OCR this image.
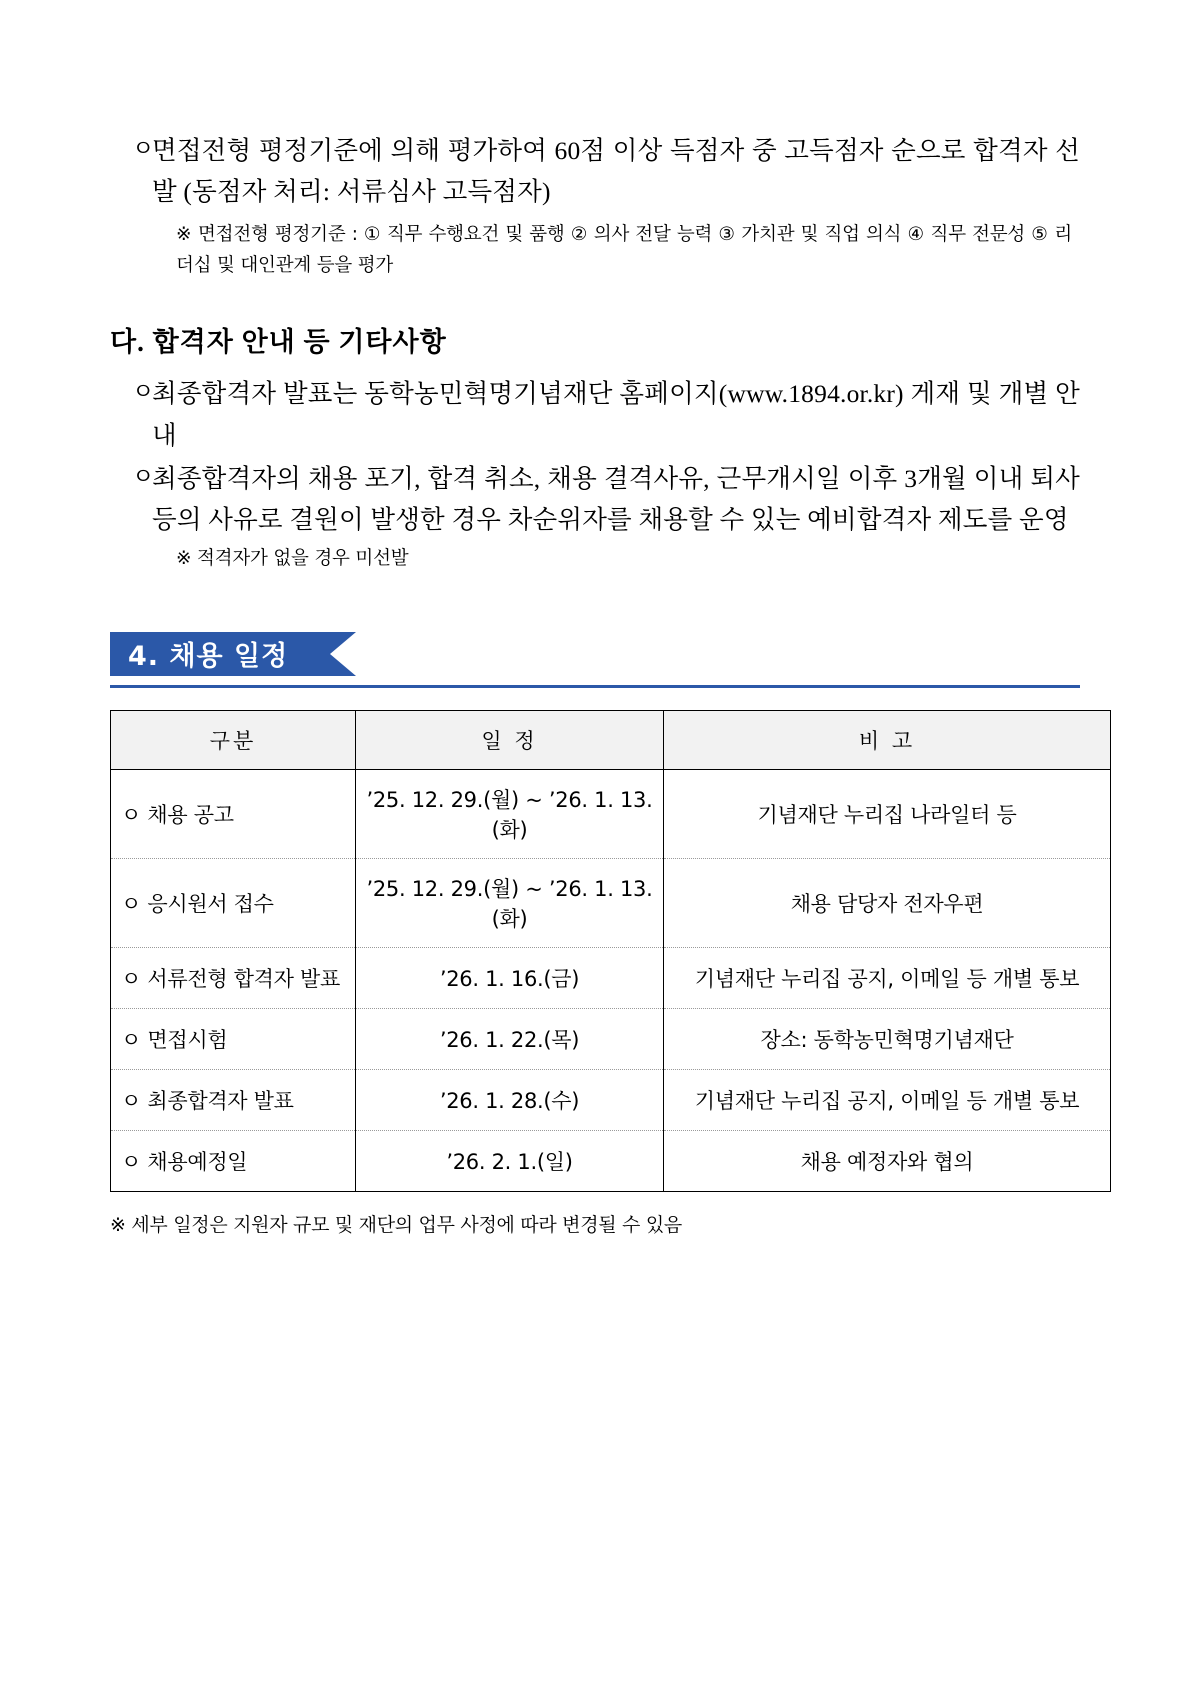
ㅇ
면접전형 평정기준에 의해 평가하여 60점 이상 득점자 중 고득점자 순으로 합격자 선발 (동점자 처리: 서류심사 고득점자)
※ 면접전형 평정기준 : ① 직무 수행요건 및 품행 ② 의사 전달 능력 ③ 가치관 및 직업 의식 ④ 직무 전문성 ⑤ 리더십 및 대인관계 등을 평가
다. 합격자 안내 등 기타사항
ㅇ
최종합격자 발표는 동학농민혁명기념재단 홈페이지(www.1894.or.kr) 게재 및 개별 안내
ㅇ
최종합격자의 채용 포기, 합격 취소, 채용 결격사유, 근무개시일 이후 3개월 이내 퇴사 등의 사유로 결원이 발생한 경우 차순위자를 채용할 수 있는 예비합격자 제도를 운영
※ 적격자가 없을 경우 미선발
4. 채용 일정
구분	일 정	비 고
ㅇ 채용 공고	’25. 12. 29.(월) ~ ’26. 1. 13.(화)	기념재단 누리집 나라일터 등
ㅇ 응시원서 접수	’25. 12. 29.(월) ~ ’26. 1. 13.(화)	채용 담당자 전자우편
ㅇ 서류전형 합격자 발표	’26. 1. 16.(금)	기념재단 누리집 공지, 이메일 등 개별 통보
ㅇ 면접시험	’26. 1. 22.(목)	장소: 동학농민혁명기념재단
ㅇ 최종합격자 발표	’26. 1. 28.(수)	기념재단 누리집 공지, 이메일 등 개별 통보
ㅇ 채용예정일	’26. 2. 1.(일)	채용 예정자와 협의
※ 세부 일정은 지원자 규모 및 재단의 업무 사정에 따라 변경될 수 있음
